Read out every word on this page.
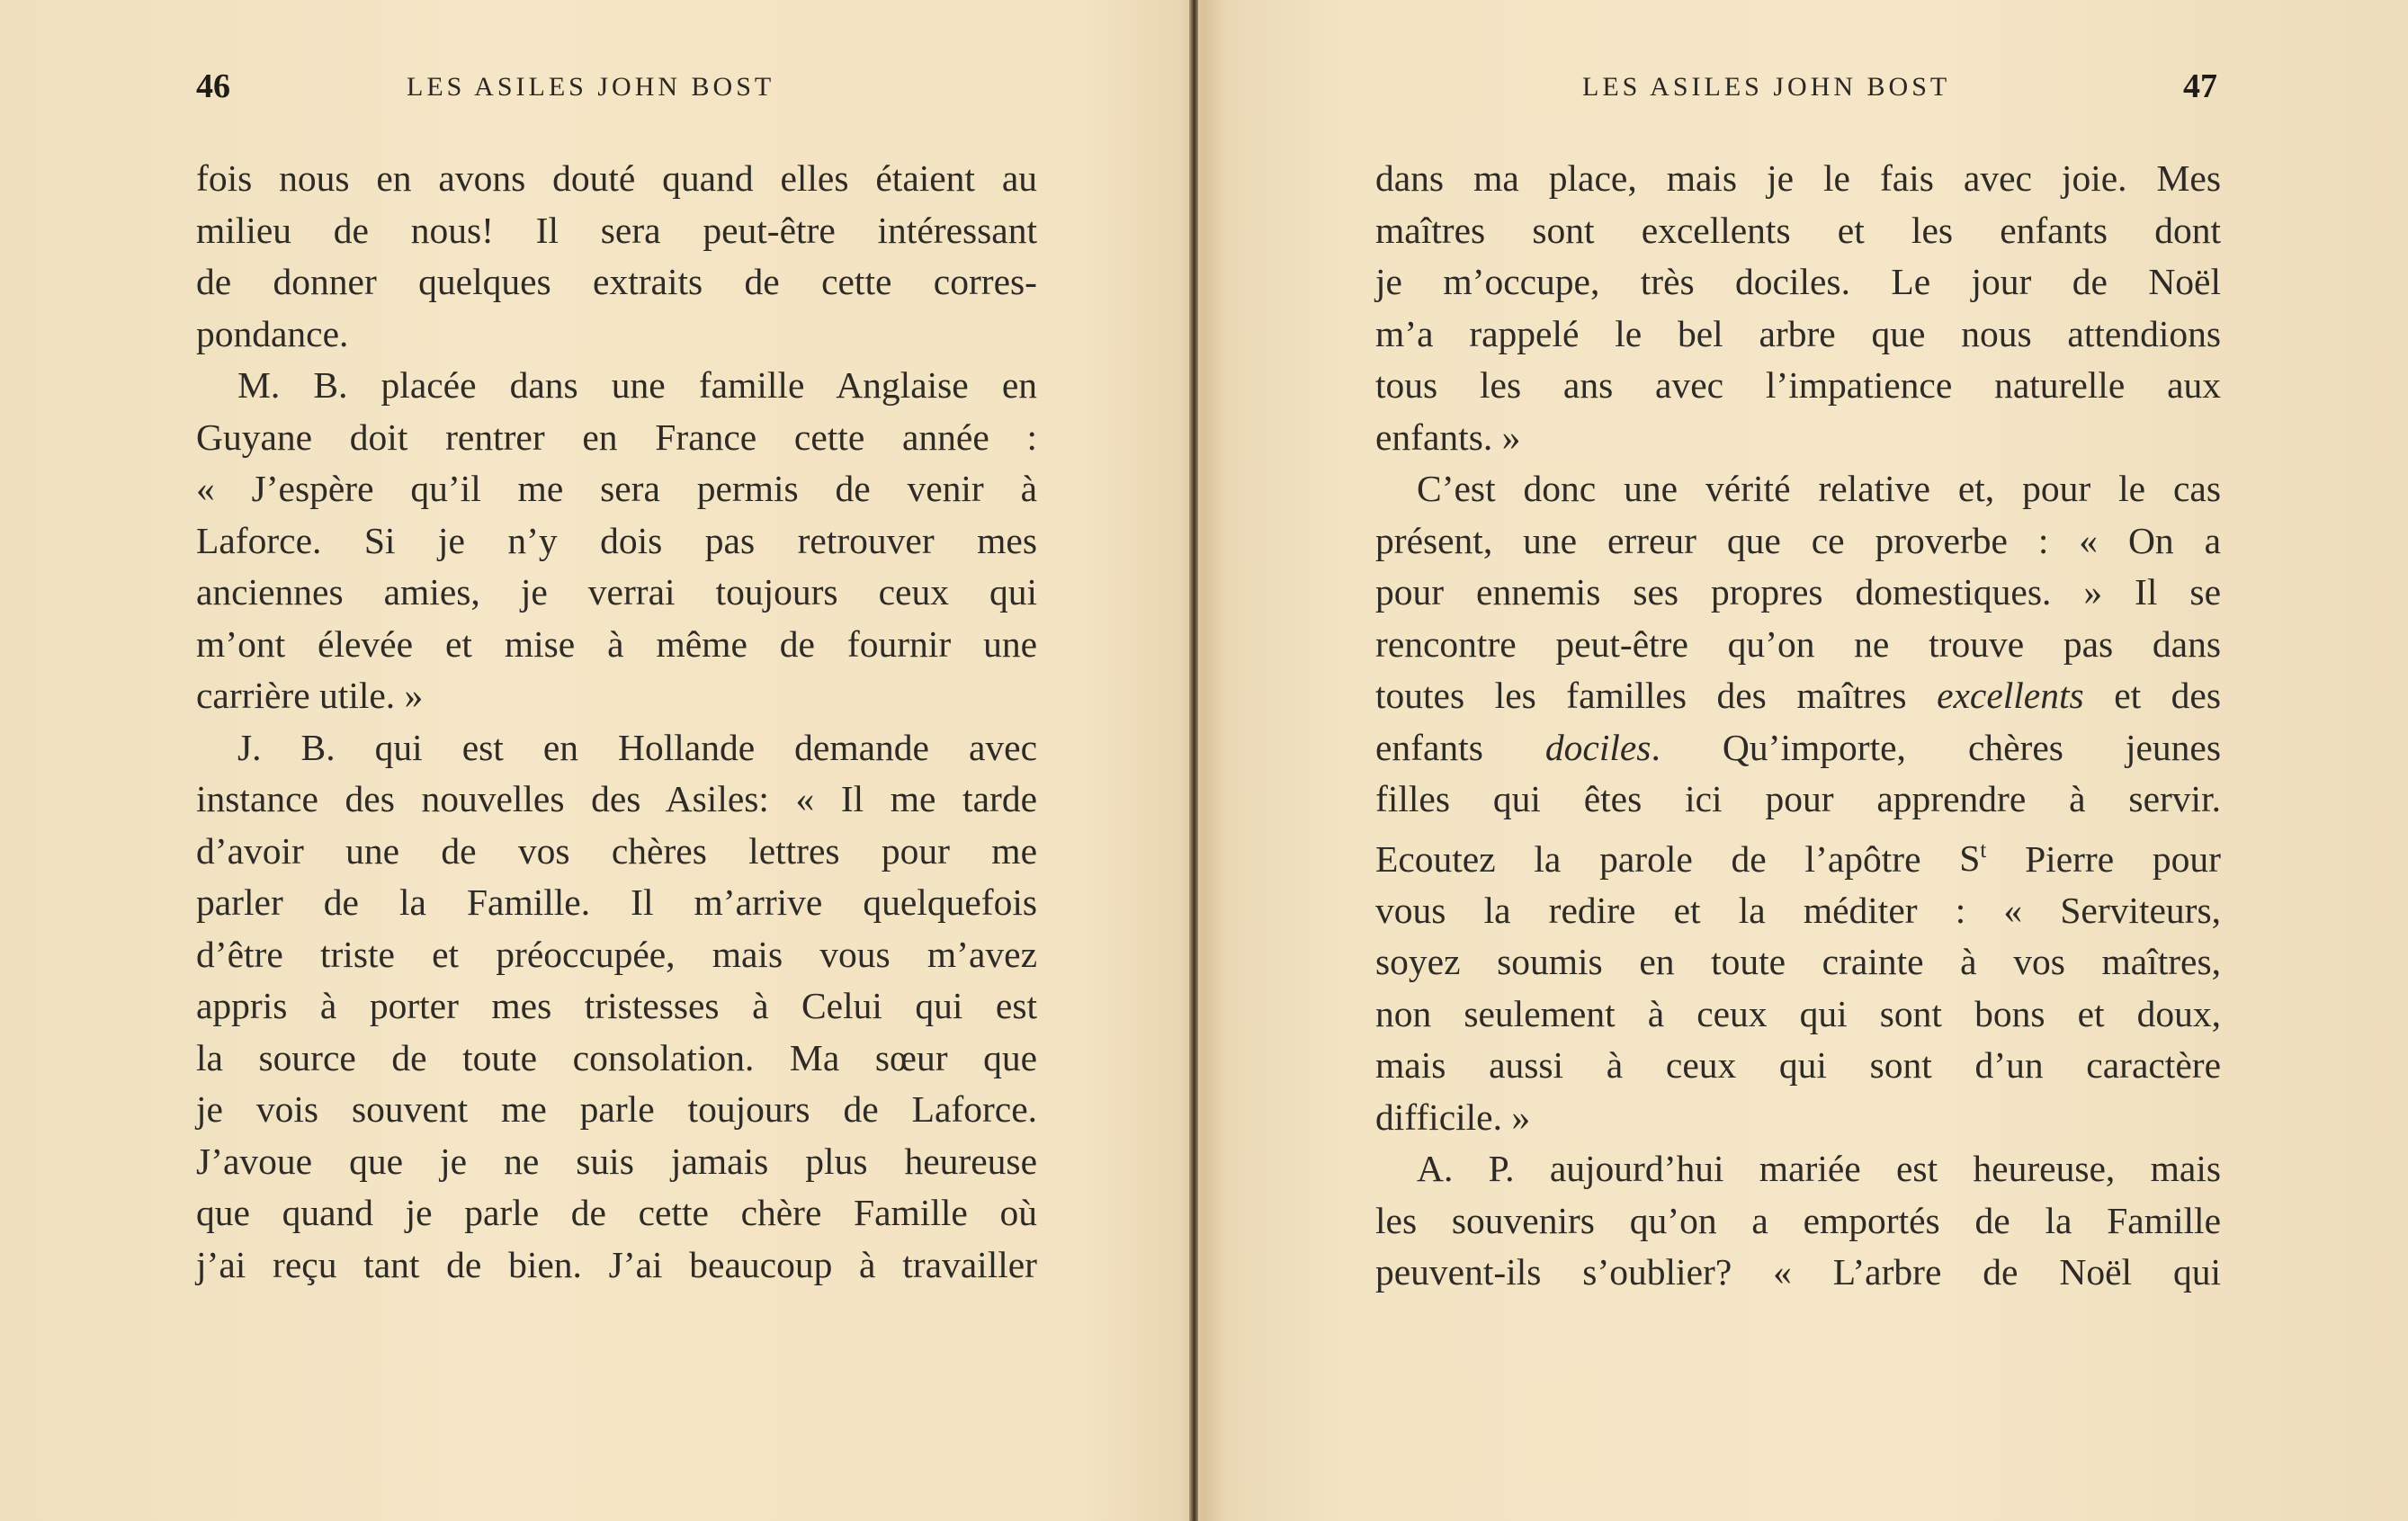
46	LES ASILES JOHN BOST
fois nous en avons douté quand elles étaient au
milieu de nous! Il sera peut-être intéressant
de donner quelques extraits de cette corres-
pondance.
M. B. placée dans une famille Anglaise en
Guyane doit rentrer en France cette année :
« J’espère qu’il me sera permis de venir à
Laforce. Si je n’y dois pas retrouver mes
anciennes amies, je verrai toujours ceux qui
m’ont élevée et mise à même de fournir une
carrière utile. »
J. B. qui est en Hollande demande avec
instance des nouvelles des Asiles: « Il me tarde
d’avoir une de vos chères lettres pour me
parler de la Famille. Il m’arrive quelquefois
d’être triste et préoccupée, mais vous m’avez
appris à porter mes tristesses à Celui qui est
la source de toute consolation. Ma sœur que
je vois souvent me parle toujours de Laforce.
J’avoue que je ne suis jamais plus heureuse
que quand je parle de cette chère Famille où
j’ai reçu tant de bien. J’ai beaucoup à travailler
LES ASILES JOHN BOST	47
dans ma place, mais je le fais avec joie. Mes
maîtres sont excellents et les enfants dont
je m’occupe, très dociles. Le jour de Noël
m’a rappelé le bel arbre que nous attendions
tous les ans avec l’impatience naturelle aux
enfants. »
C’est donc une vérité relative et, pour le cas
présent, une erreur que ce proverbe : « On a
pour ennemis ses propres domestiques. » Il se
rencontre peut-être qu’on ne trouve pas dans
toutes les familles des maîtres excellents et des
enfants dociles. Qu’importe, chères jeunes
filles qui êtes ici pour apprendre à servir.
Ecoutez la parole de l’apôtre $S^t$ Pierre pour
vous la redire et la méditer : « Serviteurs,
soyez soumis en toute crainte à vos maîtres,
non seulement à ceux qui sont bons et doux,
mais aussi à ceux qui sont d’un caractère
difficile. »
A. P. aujourd’hui mariée est heureuse, mais
les souvenirs qu’on a emportés de la Famille
peuvent-ils s’oublier? « L’arbre de Noël qui
